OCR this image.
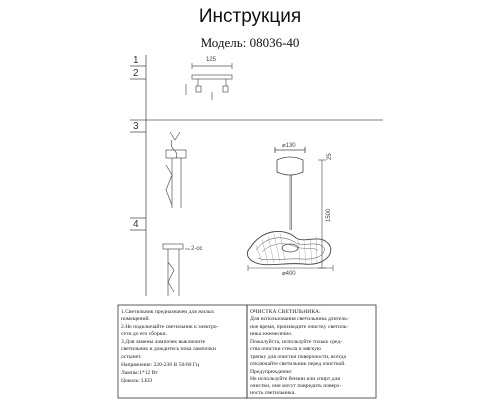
Инструкция
Модель: 08036-40
1
2
3
4
125
2-ос
⌀130
25
1500
⌀400
1.Светильник предназначен для жилых
помещений.
2.Не подключайте светильник к электро-
сети до его сборки.
3.Для замены лампочек выключите
светильник и дождитесь пока лампочки
остынет.
Напряжение: 220-230 В 50/60 Гц
Лампы:1*12 Вт
Цоколь: LED
ОЧИСТКА СВЕТИЛЬНИКА:
Для использования светильника длитель-
ное время, производите очистку светиль-
ника ежемесячно.
Пожалуйста, используйте только сред-
ства очистки стекла и мягкую
тряпку для очистки поверхности, всегда
отключайте светильник перед очисткой.
Предупреждение:
Не используйте бензин или спирт для
очистки, они могут повредить поверх-
ность светильника.
